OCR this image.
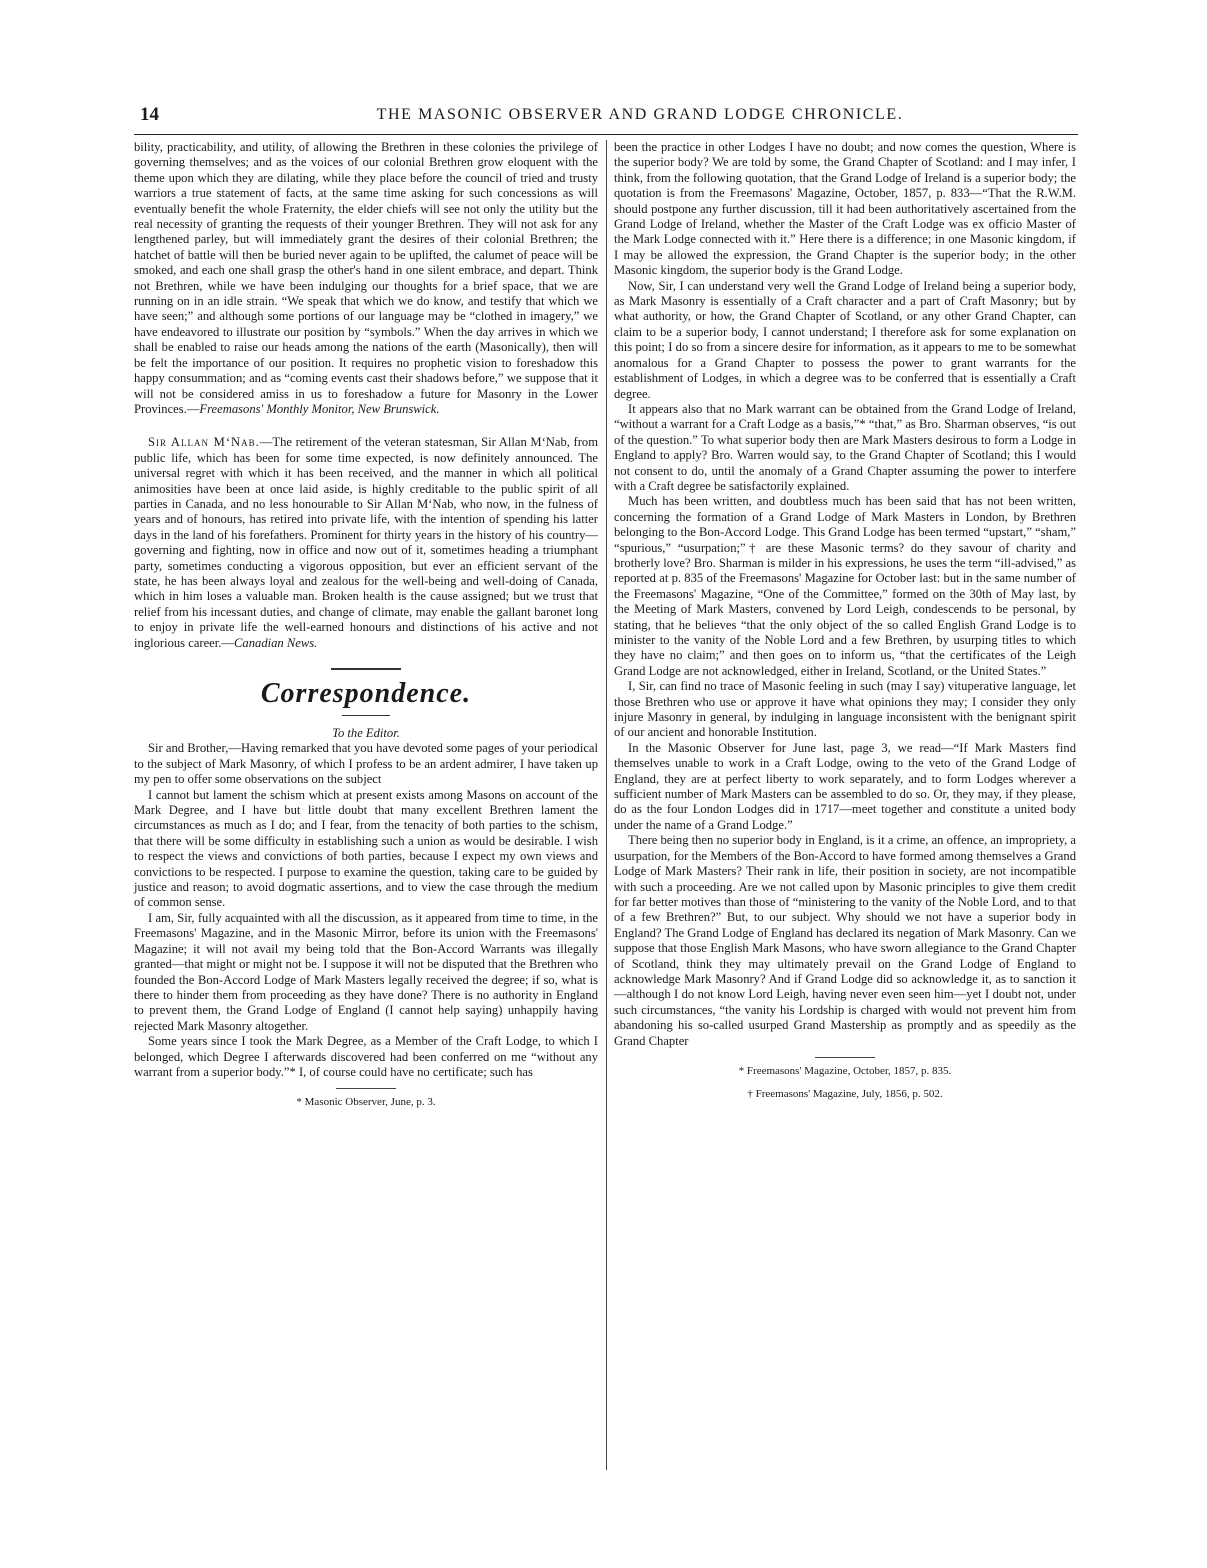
14	THE MASONIC OBSERVER AND GRAND LODGE CHRONICLE.

bility, practicability, and utility, of allowing the Brethren in these colonies the privilege of governing themselves; and as the voices of our colonial Brethren grow eloquent with the theme upon which they are dilating, while they place before the council of tried and trusty warriors a true statement of facts, at the same time asking for such concessions as will eventually benefit the whole Fraternity, the elder chiefs will see not only the utility but the real necessity of granting the requests of their younger Brethren. They will not ask for any lengthened parley, but will immediately grant the desires of their colonial Brethren; the hatchet of battle will then be buried never again to be uplifted, the calumet of peace will be smoked, and each one shall grasp the other's hand in one silent embrace, and depart. Think not Brethren, while we have been indulging our thoughts for a brief space, that we are running on in an idle strain. “We speak that which we do know, and testify that which we have seen;” and although some portions of our language may be “clothed in imagery,” we have endeavored to illustrate our position by “symbols.” When the day arrives in which we shall be enabled to raise our heads among the nations of the earth (Masonically), then will be felt the importance of our position. It requires no prophetic vision to foreshadow this happy consummation; and as “coming events cast their shadows before,” we suppose that it will not be considered amiss in us to foreshadow a future for Masonry in the Lower Provinces.—Freemasons' Monthly Monitor, New Brunswick.

Sir Allan M‘Nab.—The retirement of the veteran statesman, Sir Allan M‘Nab, from public life, which has been for some time expected, is now definitely announced. The universal regret with which it has been received, and the manner in which all political animosities have been at once laid aside, is highly creditable to the public spirit of all parties in Canada, and no less honourable to Sir Allan M‘Nab, who now, in the fulness of years and of honours, has retired into private life, with the intention of spending his latter days in the land of his forefathers. Prominent for thirty years in the history of his country—governing and fighting, now in office and now out of it, sometimes heading a triumphant party, sometimes conducting a vigorous opposition, but ever an efficient servant of the state, he has been always loyal and zealous for the well-being and well-doing of Canada, which in him loses a valuable man. Broken health is the cause assigned; but we trust that relief from his incessant duties, and change of climate, may enable the gallant baronet long to enjoy in private life the well-earned honours and distinctions of his active and not inglorious career.—Canadian News.

Correspondence.

To the Editor.

Sir and Brother,—Having remarked that you have devoted some pages of your periodical to the subject of Mark Masonry, of which I profess to be an ardent admirer, I have taken up my pen to offer some observations on the subject

I cannot but lament the schism which at present exists among Masons on account of the Mark Degree, and I have but little doubt that many excellent Brethren lament the circumstances as much as I do; and I fear, from the tenacity of both parties to the schism, that there will be some difficulty in establishing such a union as would be desirable. I wish to respect the views and convictions of both parties, because I expect my own views and convictions to be respected. I purpose to examine the question, taking care to be guided by justice and reason; to avoid dogmatic assertions, and to view the case through the medium of common sense.

I am, Sir, fully acquainted with all the discussion, as it appeared from time to time, in the Freemasons' Magazine, and in the Masonic Mirror, before its union with the Freemasons' Magazine; it will not avail my being told that the Bon-Accord Warrants was illegally granted—that might or might not be. I suppose it will not be disputed that the Brethren who founded the Bon-Accord Lodge of Mark Masters legally received the degree; if so, what is there to hinder them from proceeding as they have done? There is no authority in England to prevent them, the Grand Lodge of England (I cannot help saying) unhappily having rejected Mark Masonry altogether.

Some years since I took the Mark Degree, as a Member of the Craft Lodge, to which I belonged, which Degree I afterwards discovered had been conferred on me “without any warrant from a superior body.”* I, of course could have no certificate; such has

* Masonic Observer, June, p. 3.

been the practice in other Lodges I have no doubt; and now comes the question, Where is the superior body? We are told by some, the Grand Chapter of Scotland: and I may infer, I think, from the following quotation, that the Grand Lodge of Ireland is a superior body; the quotation is from the Freemasons' Magazine, October, 1857, p. 833—“That the R.W.M. should postpone any further discussion, till it had been authoritatively ascertained from the Grand Lodge of Ireland, whether the Master of the Craft Lodge was ex officio Master of the Mark Lodge connected with it.” Here there is a difference; in one Masonic kingdom, if I may be allowed the expression, the Grand Chapter is the superior body; in the other Masonic kingdom, the superior body is the Grand Lodge.

Now, Sir, I can understand very well the Grand Lodge of Ireland being a superior body, as Mark Masonry is essentially of a Craft character and a part of Craft Masonry; but by what authority, or how, the Grand Chapter of Scotland, or any other Grand Chapter, can claim to be a superior body, I cannot understand; I therefore ask for some explanation on this point; I do so from a sincere desire for information, as it appears to me to be somewhat anomalous for a Grand Chapter to possess the power to grant warrants for the establishment of Lodges, in which a degree was to be conferred that is essentially a Craft degree.

It appears also that no Mark warrant can be obtained from the Grand Lodge of Ireland, “without a warrant for a Craft Lodge as a basis,”* “that,” as Bro. Sharman observes, “is out of the question.” To what superior body then are Mark Masters desirous to form a Lodge in England to apply? Bro. Warren would say, to the Grand Chapter of Scotland; this I would not consent to do, until the anomaly of a Grand Chapter assuming the power to interfere with a Craft degree be satisfactorily explained.

Much has been written, and doubtless much has been said that has not been written, concerning the formation of a Grand Lodge of Mark Masters in London, by Brethren belonging to the Bon-Accord Lodge. This Grand Lodge has been termed “upstart,” “sham,” “spurious,” “usurpation;”† are these Masonic terms? do they savour of charity and brotherly love? Bro. Sharman is milder in his expressions, he uses the term “ill-advised,” as reported at p. 835 of the Freemasons' Magazine for October last: but in the same number of the Freemasons' Magazine, “One of the Committee,” formed on the 30th of May last, by the Meeting of Mark Masters, convened by Lord Leigh, condescends to be personal, by stating, that he believes “that the only object of the so called English Grand Lodge is to minister to the vanity of the Noble Lord and a few Brethren, by usurping titles to which they have no claim;” and then goes on to inform us, “that the certificates of the Leigh Grand Lodge are not acknowledged, either in Ireland, Scotland, or the United States.”

I, Sir, can find no trace of Masonic feeling in such (may I say) vituperative language, let those Brethren who use or approve it have what opinions they may; I consider they only injure Masonry in general, by indulging in language inconsistent with the benignant spirit of our ancient and honorable Institution.

In the Masonic Observer for June last, page 3, we read—“If Mark Masters find themselves unable to work in a Craft Lodge, owing to the veto of the Grand Lodge of England, they are at perfect liberty to work separately, and to form Lodges wherever a sufficient number of Mark Masters can be assembled to do so. Or, they may, if they please, do as the four London Lodges did in 1717—meet together and constitute a united body under the name of a Grand Lodge.”

There being then no superior body in England, is it a crime, an offence, an impropriety, a usurpation, for the Members of the Bon-Accord to have formed among themselves a Grand Lodge of Mark Masters? Their rank in life, their position in society, are not incompatible with such a proceeding. Are we not called upon by Masonic principles to give them credit for far better motives than those of “ministering to the vanity of the Noble Lord, and to that of a few Brethren?” But, to our subject. Why should we not have a superior body in England? The Grand Lodge of England has declared its negation of Mark Masonry. Can we suppose that those English Mark Masons, who have sworn allegiance to the Grand Chapter of Scotland, think they may ultimately prevail on the Grand Lodge of England to acknowledge Mark Masonry? And if Grand Lodge did so acknowledge it, as to sanction it—although I do not know Lord Leigh, having never even seen him—yet I doubt not, under such circumstances, “the vanity his Lordship is charged with would not prevent him from abandoning his so-called usurped Grand Mastership as promptly and as speedily as the Grand Chapter

* Freemasons' Magazine, October, 1857, p. 835.

† Freemasons' Magazine, July, 1856, p. 502.
